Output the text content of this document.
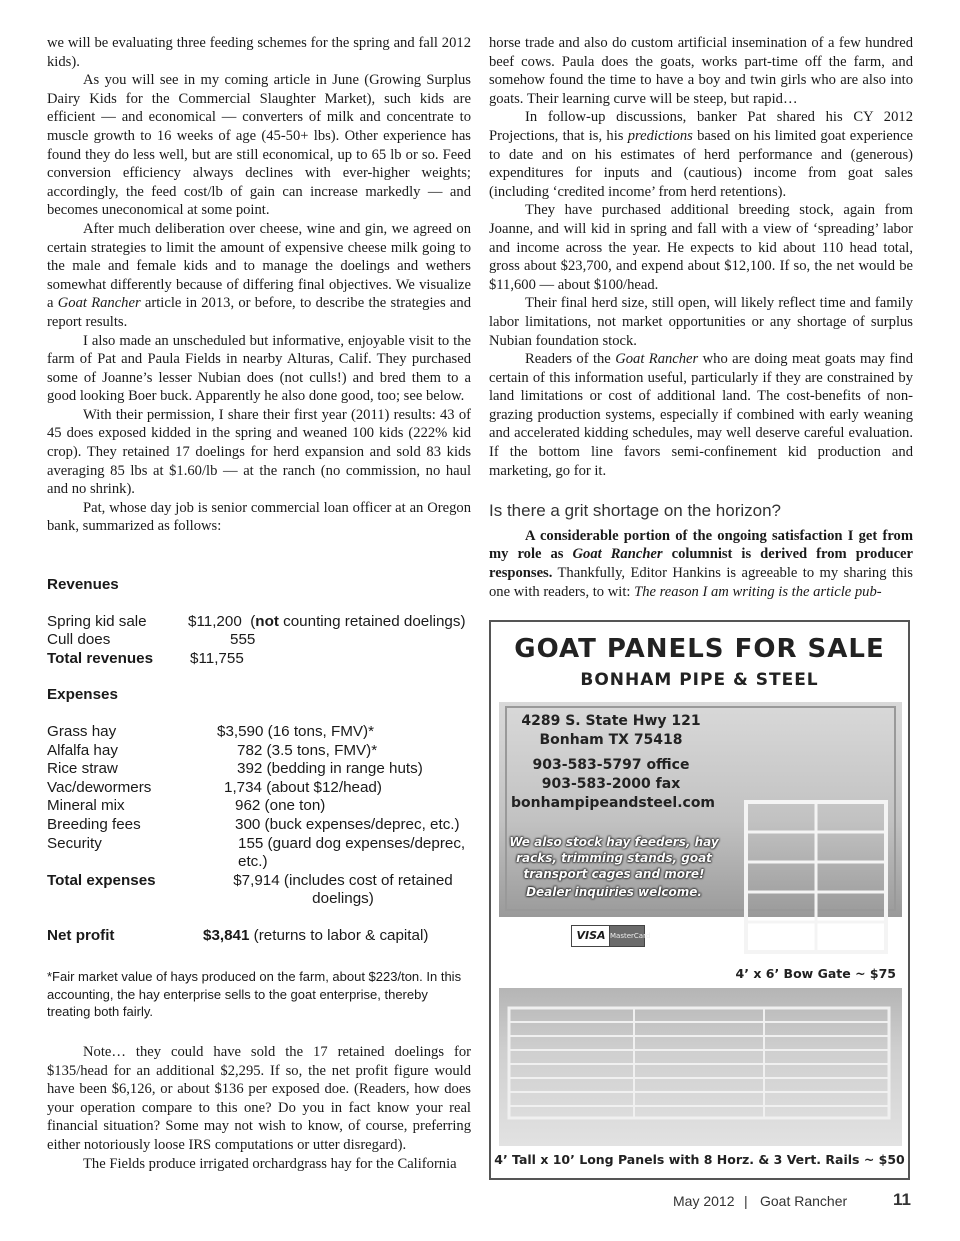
we will be evaluating three feeding schemes for the spring and fall 2012 kids).

As you will see in my coming article in June (Growing Surplus Dairy Kids for the Commercial Slaughter Market), such kids are efficient — and economical — converters of milk and concentrate to muscle growth to 16 weeks of age (45-50+ lbs). Other experience has found they do less well, but are still economical, up to 65 lb or so. Feed conversion efficiency always declines with ever-higher weights; accordingly, the feed cost/lb of gain can increase markedly — and becomes uneconomical at some point.

After much deliberation over cheese, wine and gin, we agreed on certain strategies to limit the amount of expensive cheese milk going to the male and female kids and to manage the doelings and wethers somewhat differently because of differing final objectives. We visualize a Goat Rancher article in 2013, or before, to describe the strategies and report results.

I also made an unscheduled but informative, enjoyable visit to the farm of Pat and Paula Fields in nearby Alturas, Calif. They purchased some of Joanne’s lesser Nubian does (not culls!) and bred them to a good looking Boer buck. Apparently he also done good, too; see below.

With their permission, I share their first year (2011) results: 43 of 45 does exposed kidded in the spring and weaned 100 kids (222% kid crop). They retained 17 doelings for herd expansion and sold 83 kids averaging 85 lbs at $1.60/lb — at the ranch (no commission, no haul and no shrink).

Pat, whose day job is senior commercial loan officer at an Oregon bank, summarized as follows:

Revenues
Spring kid sale	$11,200 (not counting retained doelings)
Cull does	555
Total revenues	$11,755
Expenses
Grass hay	$3,590 (16 tons, FMV)*
Alfalfa hay	782 (3.5 tons, FMV)*
Rice straw	392 (bedding in range huts)
Vac/dewormers	1,734 (about $12/head)
Mineral mix	962 (one ton)
Breeding fees	300 (buck expenses/deprec, etc.)
Security	155 (guard dog expenses/deprec, etc.)
Total expenses	$7,914 (includes cost of retained doelings)
Net profit	$3,841 (returns to labor & capital)
*Fair market value of hays produced on the farm, about $223/ton. In this accounting, the hay enterprise sells to the goat enterprise, thereby treating both fairly.

Note… they could have sold the 17 retained doelings for $135/head for an additional $2,295. If so, the net profit figure would have been $6,126, or about $136 per exposed doe. (Readers, how does your operation compare to this one? Do you in fact know your real financial situation? Some may not wish to know, of course, preferring either notoriously loose IRS computations or utter disregard).

The Fields produce irrigated orchardgrass hay for the California

horse trade and also do custom artificial insemination of a few hundred beef cows. Paula does the goats, works part-time off the farm, and somehow found the time to have a boy and twin girls who are also into goats. Their learning curve will be steep, but rapid…

In follow-up discussions, banker Pat shared his CY 2012 Projections, that is, his predictions based on his limited goat experience to date and on his estimates of herd performance and (generous) expenditures for inputs and (cautious) income from goat sales (including ‘credited income’ from herd retentions).

They have purchased additional breeding stock, again from Joanne, and will kid in spring and fall with a view of ‘spreading’ labor and income across the year. He expects to kid about 110 head total, gross about $23,700, and expend about $12,100. If so, the net would be $11,600 — about $100/head.

Their final herd size, still open, will likely reflect time and family labor limitations, not market opportunities or any shortage of surplus Nubian foundation stock.

Readers of the Goat Rancher who are doing meat goats may find certain of this information useful, particularly if they are constrained by land limitations or cost of additional land. The cost-benefits of non-grazing production systems, especially if combined with early weaning and accelerated kidding schedules, may well deserve careful evaluation. If the bottom line favors semi-confinement kid production and marketing, go for it.

Is there a grit shortage on the horizon?

A considerable portion of the ongoing satisfaction I get from my role as Goat Rancher columnist is derived from producer responses. Thankfully, Editor Hankins is agreeable to my sharing this one with readers, to wit: The reason I am writing is the article pub-

GOAT PANELS FOR SALE
BONHAM PIPE & STEEL
4289 S. State Hwy 121
Bonham TX 75418
903-583-5797 office
903-583-2000 fax
bonhampipeandsteel.com
We also stock hay feeders, hay racks, trimming stands, goat transport cages and more!
Dealer inquiries welcome.
VISA MasterCard
4’ x 6’ Bow Gate ~ $75
4’ Tall x 10’ Long Panels with 8 Horz. & 3 Vert. Rails ~ $50
May 2012 | Goat Rancher	11
